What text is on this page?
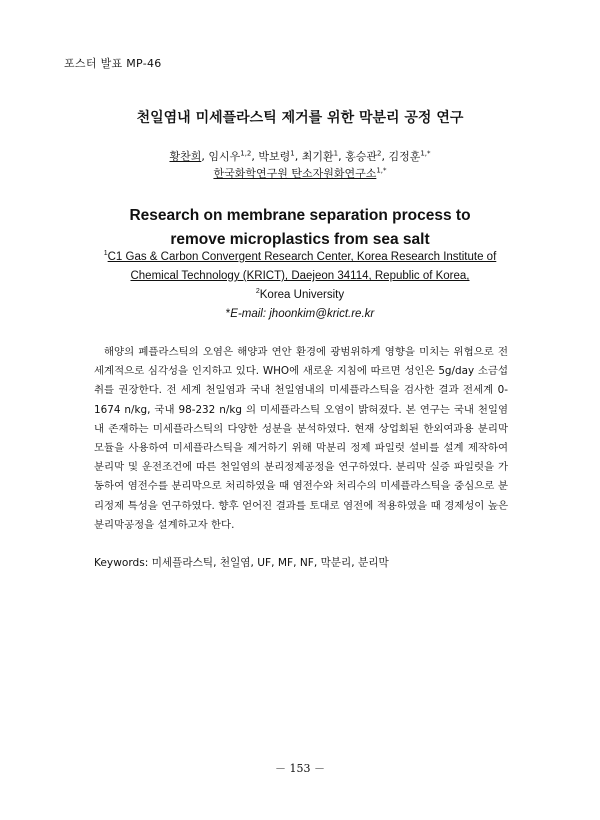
포스터 발표 MP-46
천일염내 미세플라스틱 제거를 위한 막분리 공정 연구
황찬희, 임시우$^{1,2}$, 박보령$^1$, 최기환$^1$, 홍승관$^2$, 김정훈$^{1,*}$
한국화학연구원 탄소자원화연구소$^{1,*}$
Research on membrane separation process to
remove microplastics from sea salt
$^1$C1 Gas & Carbon Convergent Research Center, Korea Research Institute of
Chemical Technology (KRICT), Daejeon 34114, Republic of Korea,
$^2$Korea University
*E-mail: jhoonkim@krict.re.kr

해양의 폐플라스틱의 오염은 해양과 연안 환경에 광범위하게 영향을 미치는 위협으로 전 세계적으로 심각성을 인지하고 있다. WHO에 새로운 지침에 따르면 성인은 5g/day 소금섭취를 권장한다. 전 세계 천일염과 국내 천일염내의 미세플라스틱을 검사한 결과 전세계 0-1674 n/kg, 국내 98-232 n/kg 의 미세플라스틱 오염이 밝혀졌다. 본 연구는 국내 천일염내 존재하는 미세플라스틱의 다양한 성분을 분석하였다. 현재 상업회된 한외여과용 분리막모듈을 사용하여 미세플라스틱을 제거하기 위해 막분리 정제 파일럿 설비를 설계 제작하여 분리막 및 운전조건에 따른 천일염의 분리정제공정을 연구하였다. 분리막 실증 파일럿을 가동하여 염전수를 분리막으로 처리하였을 때 염전수와 처리수의 미세플라스틱을 중심으로 분리정제 특성을 연구하였다. 향후 얻어진 결과를 토대로 염전에 적용하였을 때 경제성이 높은 분리막공정을 설계하고자 한다.

Keywords: 미세플라스틱, 천일염, UF, MF, NF, 막분리, 분리막
－ 153 －
